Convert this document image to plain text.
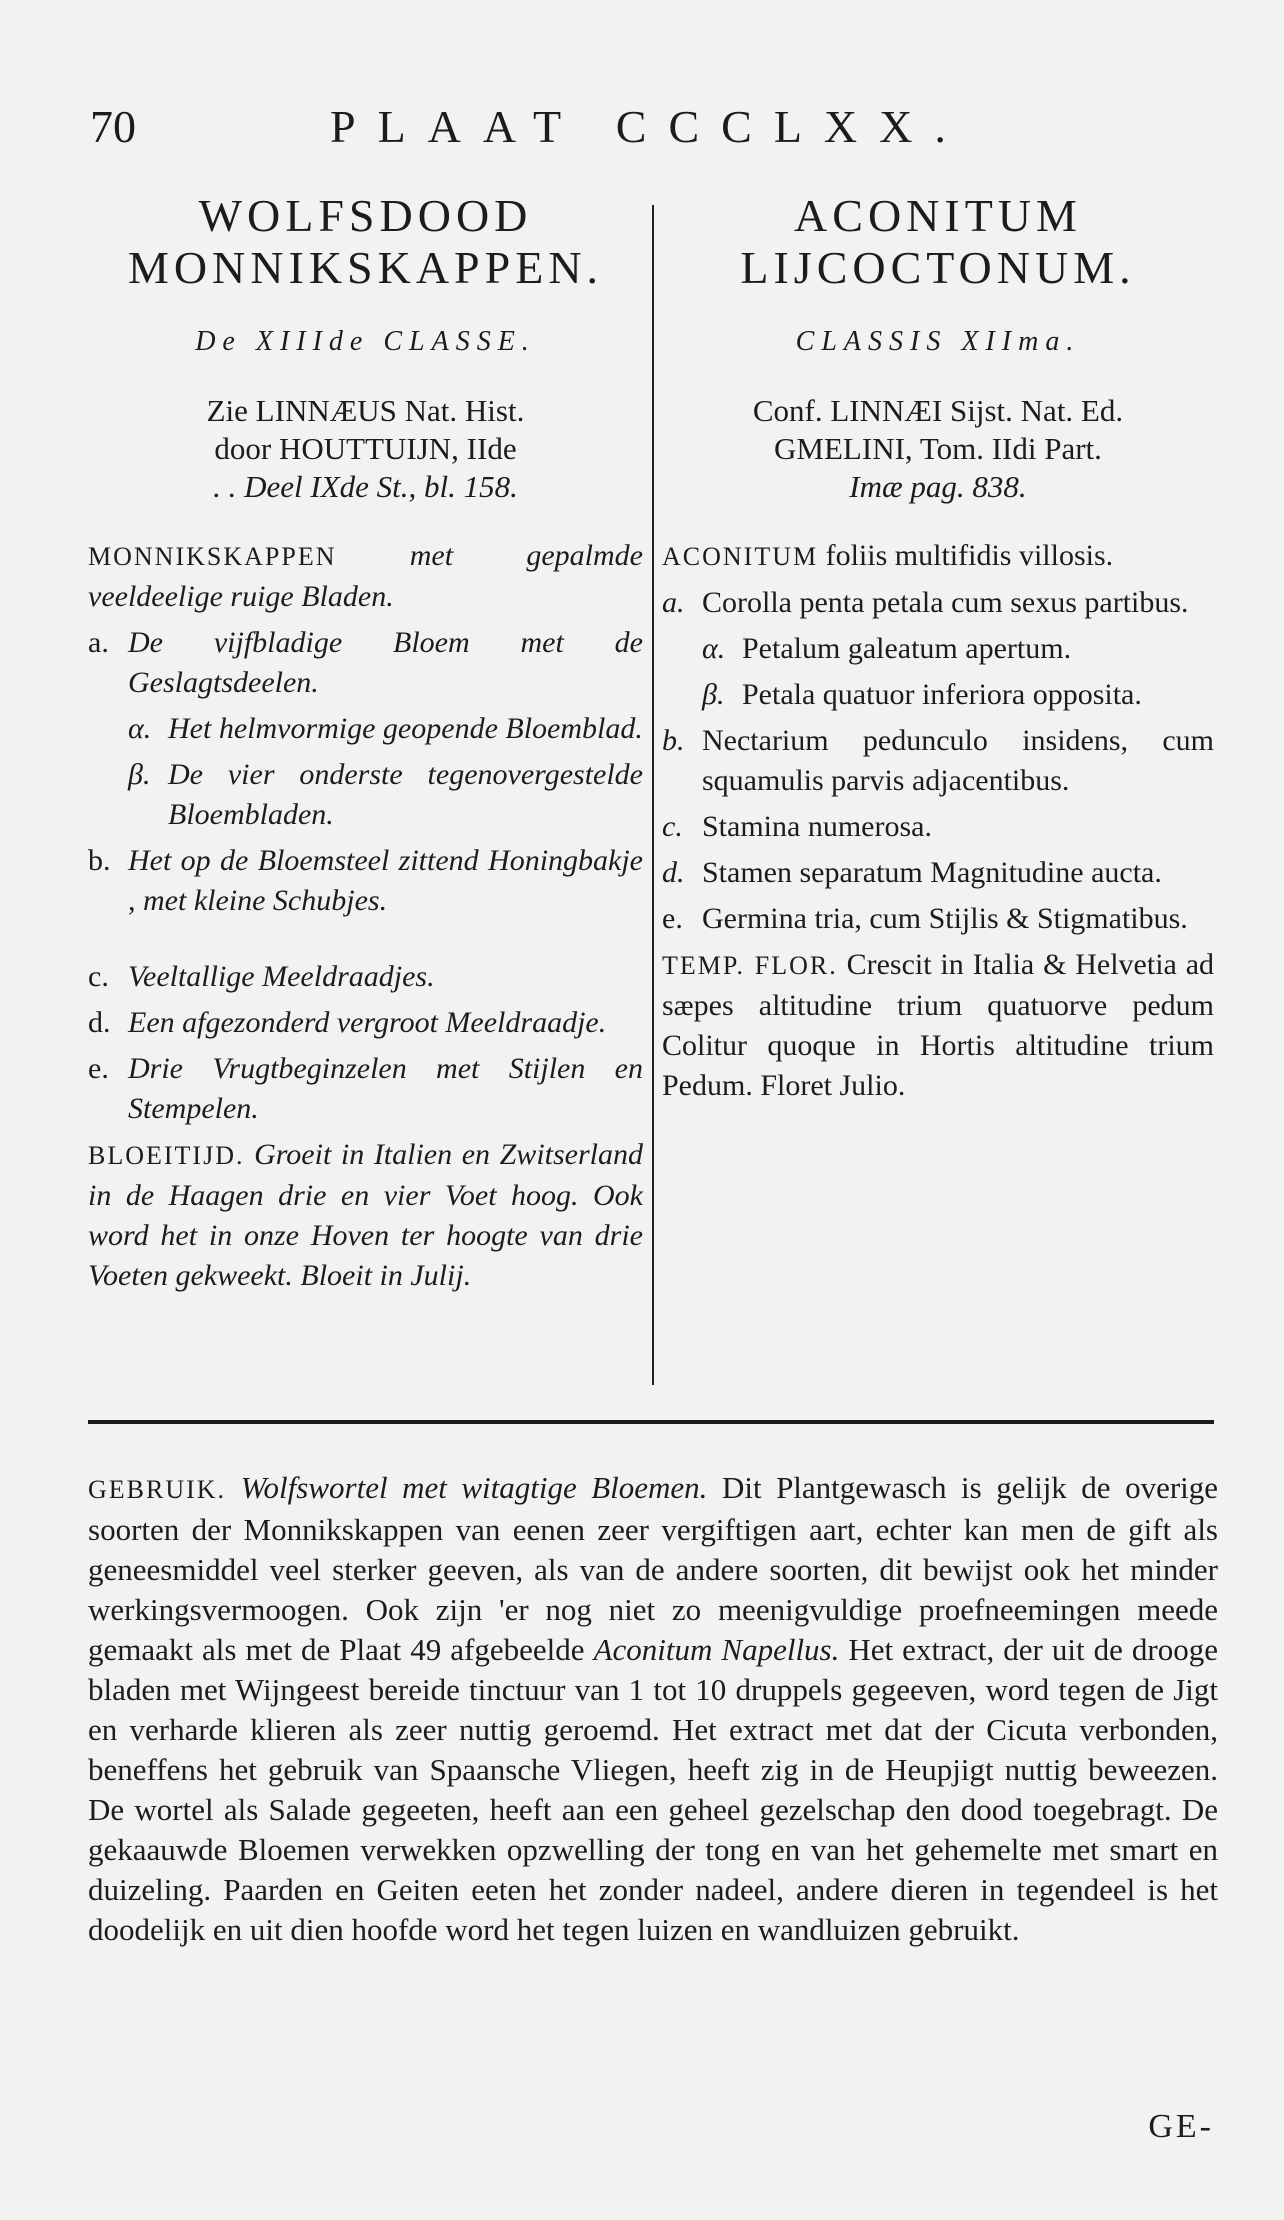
70	PLAAT CCCLXX.
WOLFSDOOD
MONNIKSKAPPEN.
De XIIIde CLASSE.

Zie LINNÆUS Nat. Hist.

door HOUTTUIJN, IIde

. . Deel IXde St., bl. 158.

MONNIKSKAPPEN met gepalmde veeldeelige ruige Bladen.

a. De vijfbladige Bloem met de Geslagtsdeelen.
α. Het helmvormige geopende Bloemblad.
β. De vier onderste tegenovergestelde Bloembladen.
b. Het op de Bloemsteel zittend Honingbakje , met kleine Schubjes.
c. Veeltallige Meeldraadjes.
d. Een afgezonderd vergroot Meeldraadje.
e. Drie Vrugtbeginzelen met Stijlen en Stempelen.

BLOEITIJD. Groeit in Italien en Zwitserland in de Haagen drie en vier Voet hoog. Ook word het in onze Hoven ter hoogte van drie Voeten gekweekt. Bloeit in Julij.

ACONITUM
LIJCOCTONUM.
CLASSIS XIIma.

Conf. LINNÆI Sijst. Nat. Ed.

GMELINI, Tom. IIdi Part.

Imæ pag. 838.

ACONITUM foliis multifidis villosis.

a. Corolla penta petala cum sexus partibus.
α. Petalum galeatum apertum.
β. Petala quatuor inferiora opposita.
b. Nectarium pedunculo insidens, cum squamulis parvis adjacentibus.
c. Stamina numerosa.
d. Stamen separatum Magnitudine aucta.
e. Germina tria, cum Stijlis & Stigmatibus.

TEMP. FLOR. Crescit in Italia & Helvetia ad sæpes altitudine trium quatuorve pedum Colitur quoque in Hortis altitudine trium Pedum. Floret Julio.

GEBRUIK. Wolfswortel met witagtige Bloemen. Dit Plantgewasch is gelijk de overige soorten der Monnikskappen van eenen zeer vergiftigen aart, echter kan men de gift als geneesmiddel veel sterker geeven, als van de andere soorten, dit bewijst ook het minder werkingsvermoogen. Ook zijn 'er nog niet zo meenigvuldige proefneemingen meede gemaakt als met de Plaat 49 afgebeelde Aconitum Napellus. Het extract, der uit de drooge bladen met Wijngeest bereide tinctuur van 1 tot 10 druppels gegeeven, word tegen de Jigt en verharde klieren als zeer nuttig geroemd. Het extract met dat der Cicuta verbonden, beneffens het gebruik van Spaansche Vliegen, heeft zig in de Heupjigt nuttig beweezen. De wortel als Salade gegeeten, heeft aan een geheel gezelschap den dood toegebragt. De gekaauwde Bloemen verwekken opzwelling der tong en van het gehemelte met smart en duizeling. Paarden en Geiten eeten het zonder nadeel, andere dieren in tegendeel is het doodelijk en uit dien hoofde word het tegen luizen en wandluizen gebruikt.

GE-
